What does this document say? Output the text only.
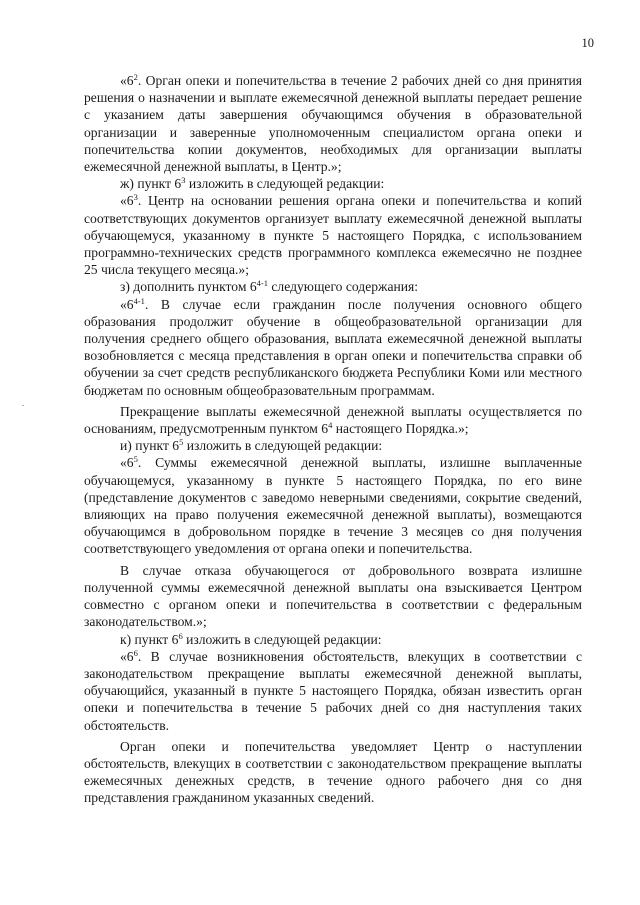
10
.

«$6^2$. Орган опеки и попечительства в течение 2 рабочих дней со дня принятия решения о назначении и выплате ежемесячной денежной выплаты передает решение с указанием даты завершения обучающимся обучения в образовательной организации и заверенные уполномоченным специалистом органа опеки и попечительства копии документов, необходимых для организации выплаты ежемесячной денежной выплаты, в Центр.»;

ж) пункт $6^3$ изложить в следующей редакции:

«$6^3$. Центр на основании решения органа опеки и попечительства и копий соответствующих документов организует выплату ежемесячной денежной выплаты обучающемуся, указанному в пункте 5 настоящего Порядка, с использованием программно-технических средств программного комплекса ежемесячно не позднее 25 числа текущего месяца.»;

з) дополнить пунктом 6$^{4-1}$ следующего содержания:

«6$^{4-1}$. В случае если гражданин после получения основного общего образования продолжит обучение в общеобразовательной организации для получения среднего общего образования, выплата ежемесячной денежной выплаты возобновляется с месяца представления в орган опеки и попечительства справки об обучении за счет средств республиканского бюджета Республики Коми или местного бюджетам по основным общеобразовательным программам.

Прекращение выплаты ежемесячной денежной выплаты осуществляется по основаниям, предусмотренным пунктом $6^4$ настоящего Порядка.»;

и) пункт $6^5$ изложить в следующей редакции:

«$6^5$. Суммы ежемесячной денежной выплаты, излишне выплаченные обучающемуся, указанному в пункте 5 настоящего Порядка, по его вине (представление документов с заведомо неверными сведениями, сокрытие сведений, влияющих на право получения ежемесячной денежной выплаты), возмещаются обучающимся в добровольном порядке в течение 3 месяцев со дня получения соответствующего уведомления от органа опеки и попечительства.

В случае отказа обучающегося от добровольного возврата излишне полученной суммы ежемесячной денежной выплаты она взыскивается Центром совместно с органом опеки и попечительства в соответствии с федеральным законодательством.»;

к) пункт $6^6$ изложить в следующей редакции:

«$6^6$. В случае возникновения обстоятельств, влекущих в соответствии с законодательством прекращение выплаты ежемесячной денежной выплаты, обучающийся, указанный в пункте 5 настоящего Порядка, обязан известить орган опеки и попечительства в течение 5 рабочих дней со дня наступления таких обстоятельств.

Орган опеки и попечительства уведомляет Центр о наступлении обстоятельств, влекущих в соответствии с законодательством прекращение выплаты ежемесячных денежных средств, в течение одного рабочего дня со дня представления гражданином указанных сведений.
